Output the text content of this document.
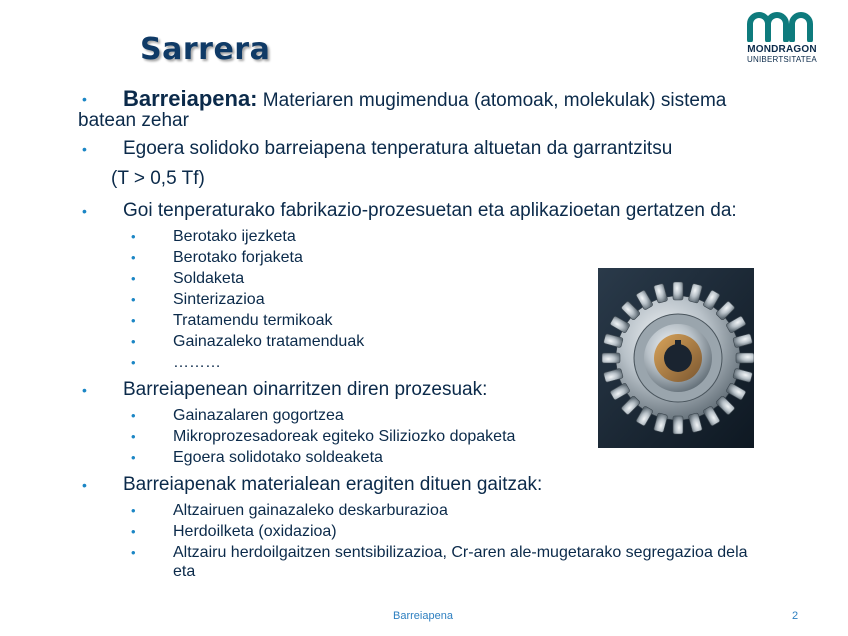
Sarrera	MONDRAGON
UNIBERTSITATEA
• Barreiapena: Materiaren mugimendua (atomoak, molekulak) sistema
batean zehar
• Egoera solidoko barreiapena tenperatura altuetan da garrantzitsu
(T > 0,5 Tf)
• Goi tenperaturako fabrikazio-prozesuetan eta aplikazioetan gertatzen da:
• Berotako ijezketa
• Berotako forjaketa
• Soldaketa
• Sinterizazioa
• Tratamendu termikoak
• Gainazaleko tratamenduak
• ………
• Barreiapenean oinarritzen diren prozesuak:
• Gainazalaren gogortzea
• Mikroprozesadoreak egiteko Siliziozko dopaketa
• Egoera solidotako soldeaketa
• Barreiapenak materialean eragiten dituen gaitzak:
• Altzairuen gainazaleko deskarburazioa
• Herdoilketa (oxidazioa)
• Altzairu herdoilgaitzen sentsibilizazioa, Cr-aren ale-mugetarako segregazioa dela
eta
Barreiapena	2
